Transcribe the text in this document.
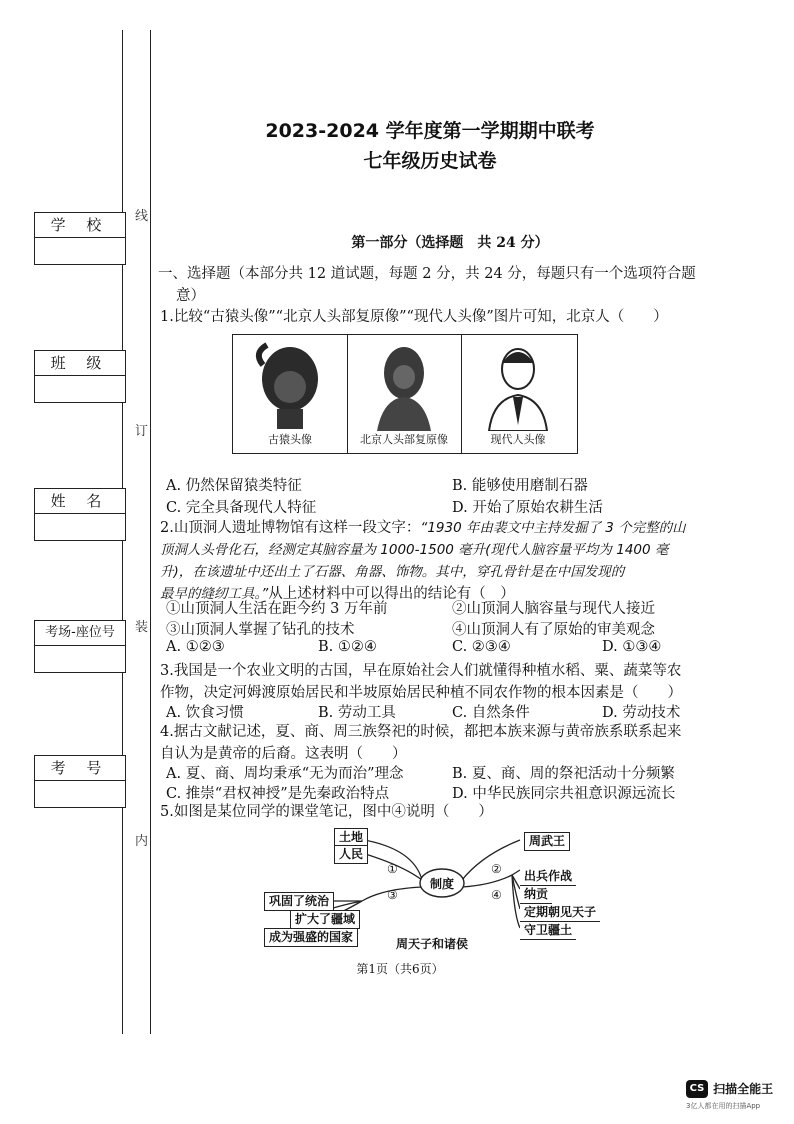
线
订
装
内
学 校
班 级
姓 名
考场-座位号
考 号
2023-2024 学年度第一学期期中联考
七年级历史试卷
第一部分（选择题　共 24 分）
一、选择题（本部分共 12 道试题，每题 2 分，共 24 分，每题只有一个选项符合题
意）
1.比较“古猿头像”“北京人头部复原像”“现代人头像”图片可知，北京人（　　）
古猿头像	北京人头部复原像	现代人头像
A. 仍然保留猿类特征	B. 能够使用磨制石器
C. 完全具备现代人特征	D. 开始了原始农耕生活
2.山顶洞人遗址博物馆有这样一段文字：“1930 年由裴文中主持发掘了 3 个完整的山
顶洞人头骨化石，经测定其脑容量为 1000-1500 毫升(现代人脑容量平均为 1400 毫
升)，在该遗址中还出土了石器、角器、饰物。其中，穿孔骨针是在中国发现的
最早的缝纫工具。”从上述材料中可以得出的结论有（　）
①山顶洞人生活在距今约 3 万年前	②山顶洞人脑容量与现代人接近
③山顶洞人掌握了钻孔的技术	④山顶洞人有了原始的审美观念
A. ①②③	B. ①②④	C. ②③④	D. ①③④
3.我国是一个农业文明的古国，早在原始社会人们就懂得种植水稻、粟、蔬菜等农
作物，决定河姆渡原始居民和半坡原始居民种植不同农作物的根本因素是（　　）
A. 饮食习惯	B. 劳动工具	C. 自然条件	D. 劳动技术
4.据古文献记述，夏、商、周三族祭祀的时候，都把本族来源与黄帝族系联系起来
自认为是黄帝的后裔。这表明（　　）
A. 夏、商、周均秉承“无为而治”理念	B. 夏、商、周的祭祀活动十分频繁
C. 推崇“君权神授”是先秦政治特点	D. 中华民族同宗共祖意识源远流长
5.如图是某位同学的课堂笔记，图中④说明（　　）
制度
土地
人民
巩固了统治
扩大了疆域
成为强盛的国家
周武王
出兵作战
纳贡
定期朝见天子
守卫疆土
①	②
③	④
周天子和诸侯
第1页（共6页）
CS 扫描全能王
3亿人都在用的扫描App
